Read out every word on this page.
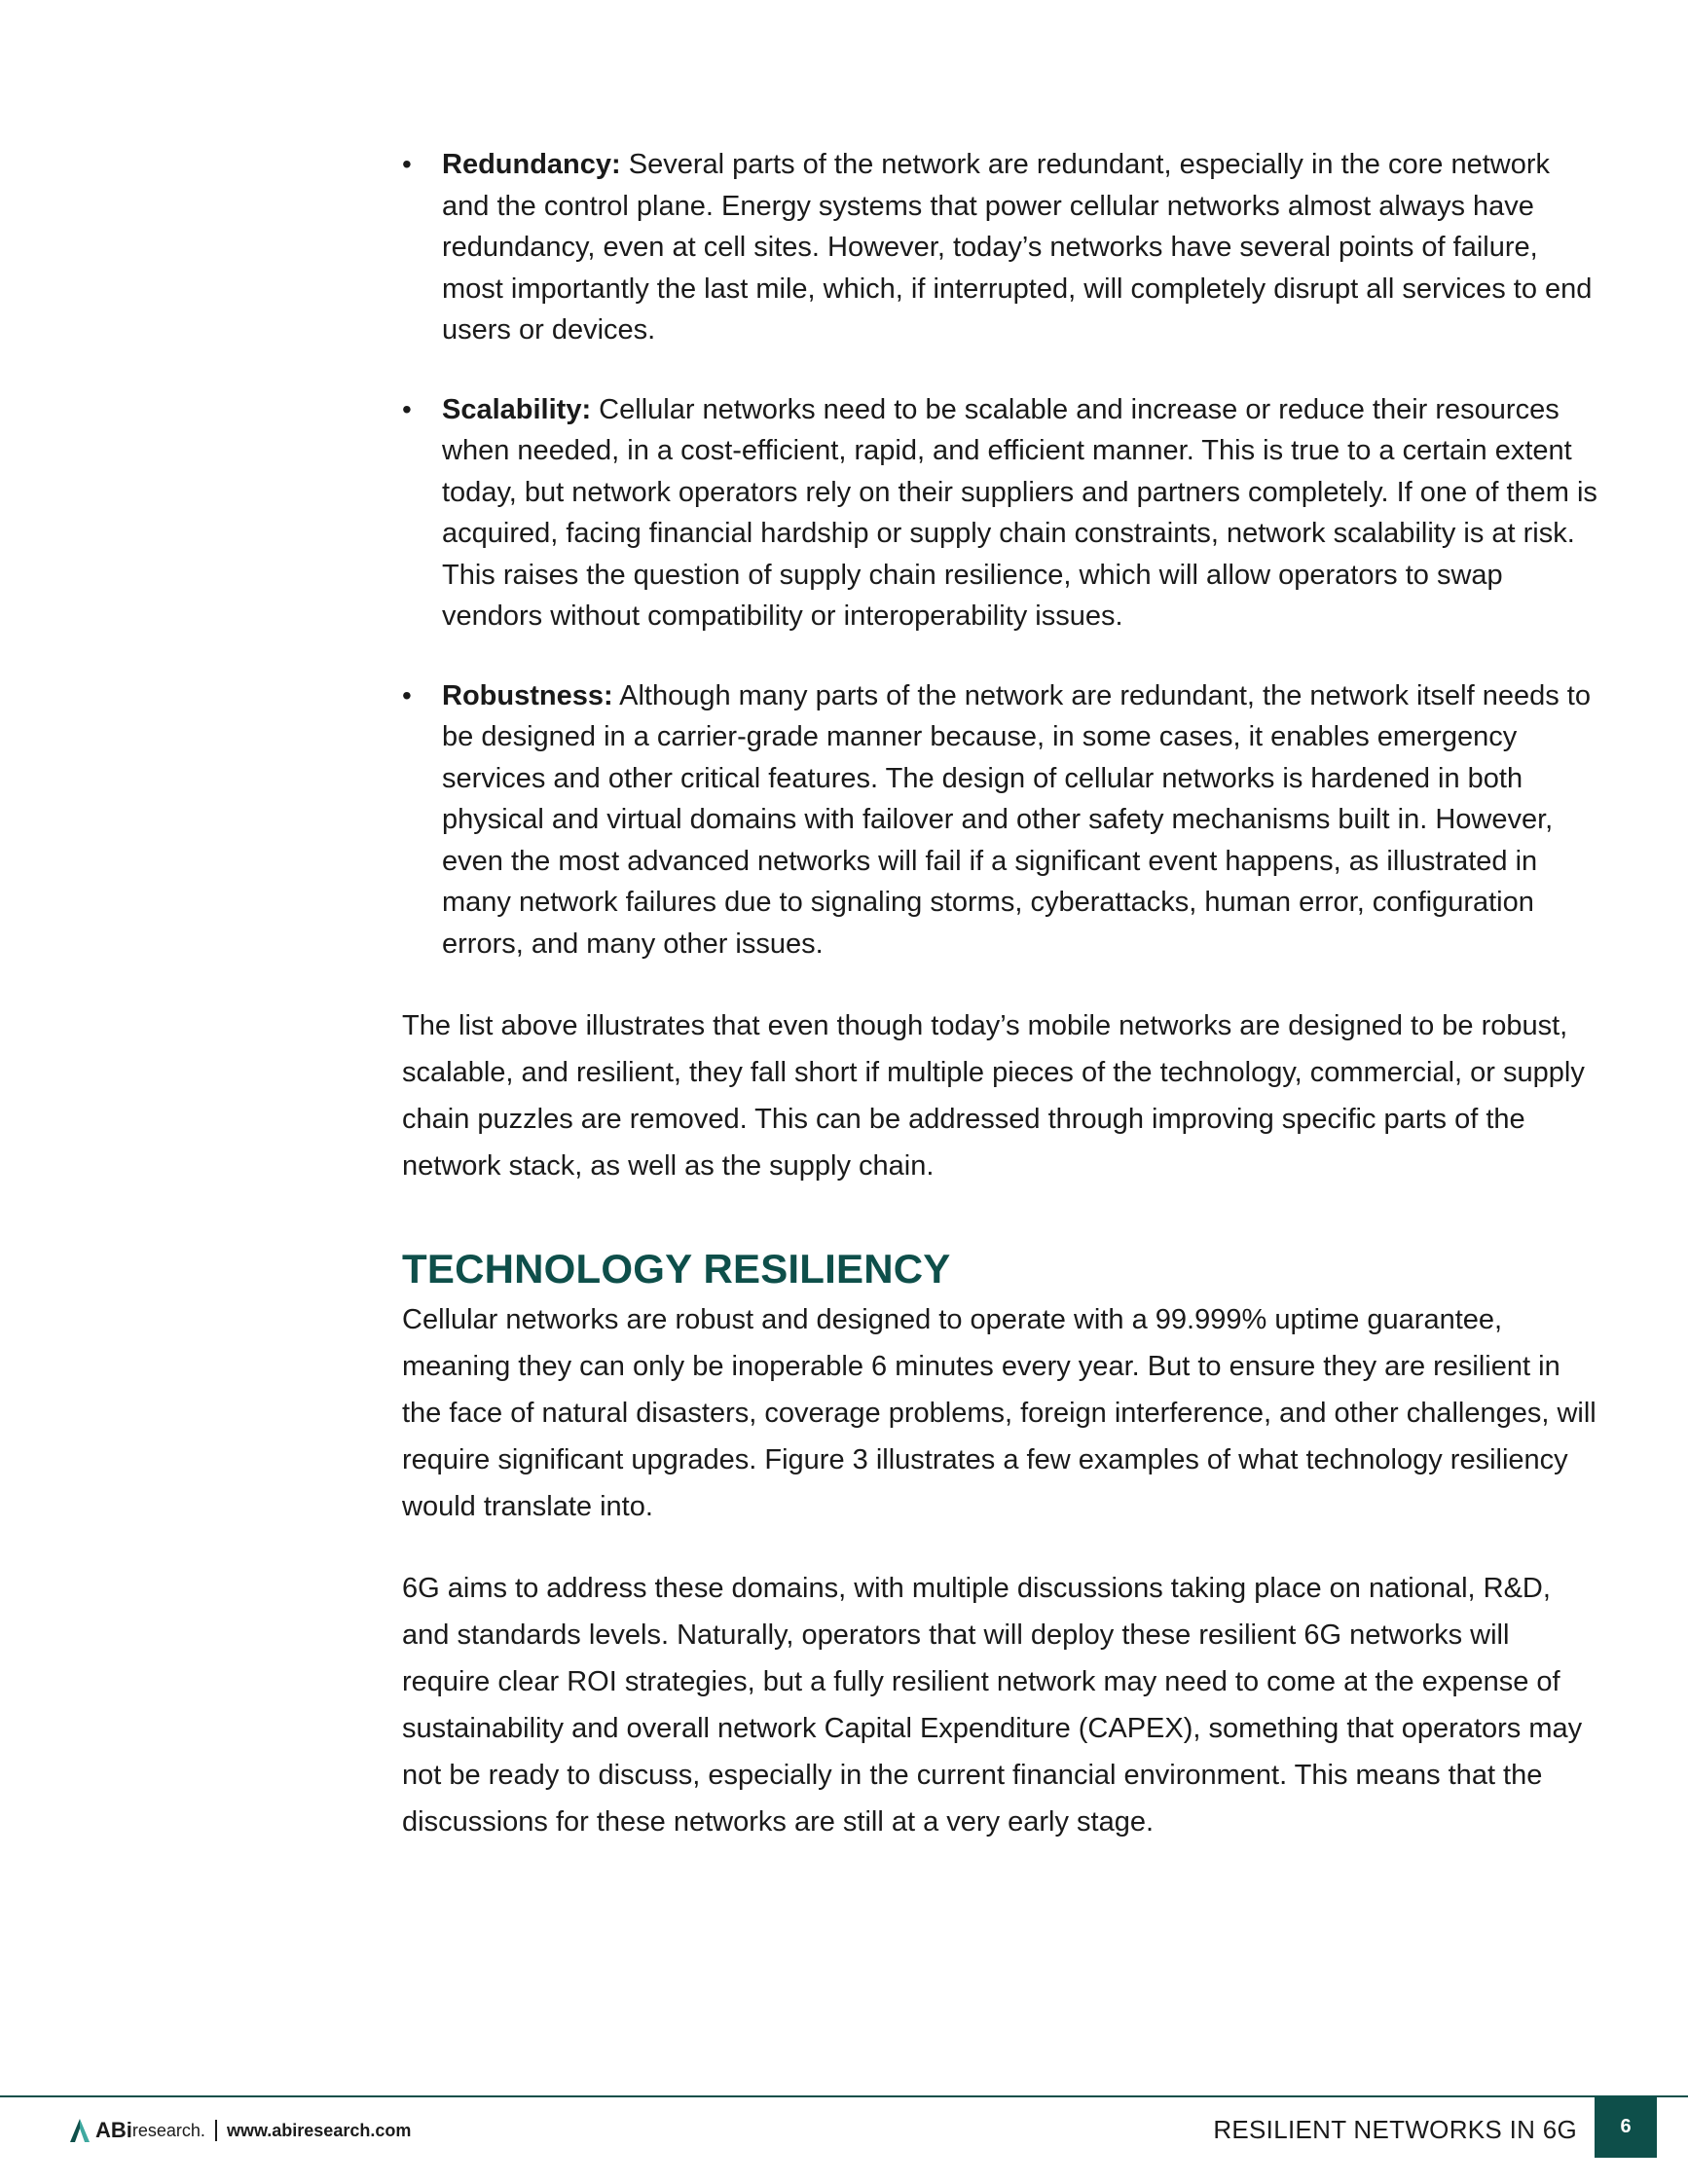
• Redundancy: Several parts of the network are redundant, especially in the core network and the control plane. Energy systems that power cellular networks almost always have redundancy, even at cell sites. However, today’s networks have several points of failure, most importantly the last mile, which, if interrupted, will completely disrupt all services to end users or devices.
• Scalability: Cellular networks need to be scalable and increase or reduce their resources when needed, in a cost-efficient, rapid, and efficient manner. This is true to a certain extent today, but network operators rely on their suppliers and partners completely. If one of them is acquired, facing financial hardship or supply chain constraints, network scalability is at risk. This raises the question of supply chain resilience, which will allow operators to swap vendors without compatibility or interoperability issues.
• Robustness: Although many parts of the network are redundant, the network itself needs to be designed in a carrier-grade manner because, in some cases, it enables emergency services and other critical features. The design of cellular networks is hardened in both physical and virtual domains with failover and other safety mechanisms built in. However, even the most advanced networks will fail if a significant event happens, as illustrated in many network failures due to signaling storms, cyberattacks, human error, configuration errors, and many other issues.

The list above illustrates that even though today’s mobile networks are designed to be robust, scalable, and resilient, they fall short if multiple pieces of the technology, commercial, or supply chain puzzles are removed. This can be addressed through improving specific parts of the network stack, as well as the supply chain.

TECHNOLOGY RESILIENCY

Cellular networks are robust and designed to operate with a 99.999% uptime guarantee, meaning they can only be inoperable 6 minutes every year. But to ensure they are resilient in the face of natural disasters, coverage problems, foreign interference, and other challenges, will require significant upgrades. Figure 3 illustrates a few examples of what technology resiliency would translate into.

6G aims to address these domains, with multiple discussions taking place on national, R&D, and standards levels. Naturally, operators that will deploy these resilient 6G networks will require clear ROI strategies, but a fully resilient network may need to come at the expense of sustainability and overall network Capital Expenditure (CAPEX), something that operators may not be ready to discuss, especially in the current financial environment. This means that the discussions for these networks are still at a very early stage.

ABi research. www.abiresearch.com	RESILIENT NETWORKS IN 6G	6
